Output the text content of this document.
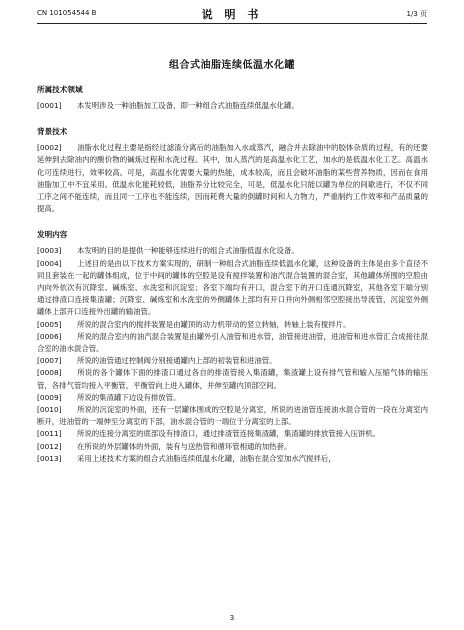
CN 101054544 B	说 明 书	1/3 页
组合式油脂连续低温水化罐
所属技术领域

[0001] 本发明涉及一种油脂加工设备，即一种组合式油脂连续低温水化罐。

背景技术

[0002] 油脂水化过程主要是指经过滤渣分离后的油脂加入水或蒸汽，融合并去除油中的胶体杂质的过程，有的还要延伸到去除油内的酸价物的碱炼过程和水洗过程。其中，加入蒸汽的是高温水化工艺，加水的是低温水化工艺。高温水化可连续进行，效率较高。可是，高温水化需要大量的热能，成本较高，而且会破坏油脂的某些营养物质，因而在食用油脂加工中不宜采用。低温水化能耗较低，油脂养分比较完全，可是，低温水化只能以罐为单位的间歇进行，不仅不同工序之间不能连续，而且同一工序也不能连续，因而耗费大量的倒罐时间和人力物力，严重制约工作效率和产品质量的提高。

发明内容

[0003] 本发明的目的是提供一种能够连续进行的组合式油脂低温水化设备。

[0004] 上述目的是由以下技术方案实现的，研制一种组合式油脂连续低温水化罐，这种设备的主体是由多个直径不同且套装在一起的罐体组成，位于中间的罐体的空腔是设有搅拌装置和油汽混合装置的混合室，其他罐体所围的空腔由内向外依次有沉降室、碱炼室、水洗室和沉淀室；各室下端均有开口，混合室下的开口连通沉降室，其他各室下端分别通过排渣口连接集渣罐；沉降室、碱炼室和水洗室的外侧罐体上部均有开口并向外侧相邻空腔接出导流管，沉淀室外侧罐体上部开口连接外出罐的输油管。

[0005] 所说的混合室内的搅拌装置是由罐顶的动力机带动的竖立转轴，转轴上装有搅拌片。

[0006] 所说的混合室内的油汽混合装置是由罐外引入油管和进水管，油管接进油管，进油管和进水管汇合成接往混合室的油水混合管。

[0007] 所说的油管通过控制阀分别接通罐内上部的初装管和进油管。

[0008] 所说的各个罐体下面的排渣口通过各自的排渣管接入集渣罐，集渣罐上设有排气管和输入压缩气体的输压管，各排气管均接入平衡管，平衡管向上进入罐体，并伸至罐内顶部空间。

[0009] 所说的集渣罐下边设有排放管。

[0010] 所说的沉淀室的外面，还有一层罐体围成的空腔是分离室，所说的进油管连接油水混合管的一段在分离室内断开，进油管的一端伸至分离室的下部，油水混合管的一端位于分离室的上部。

[0011] 所说的连接分离室的底部设有排渣口，通过排渣管连接集渣罐，集渣罐的排放管接入压饼机。

[0012] 在所说的外层罐体的外面，装有与送热管和循环管相通的加热套。

[0013] 采用上述技术方案的组合式油脂连续低温水化罐，油脂在混合室加水汽搅拌后，

3
